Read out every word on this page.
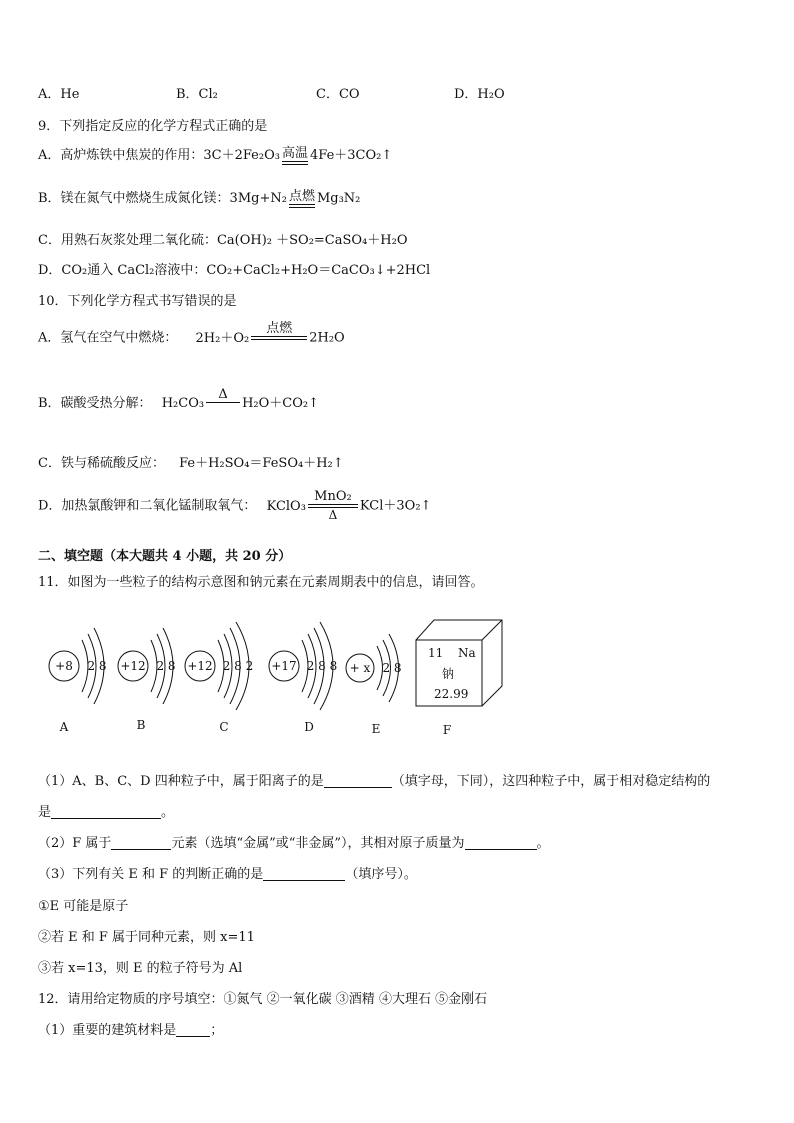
A．He	B．Cl₂	C．CO	D．H₂O
9．下列指定反应的化学方程式正确的是
A．高炉炼铁中焦炭的作用：3C＋2Fe₂O₃ 高温 4Fe＋3CO₂↑
B．镁在氮气中燃烧生成氮化镁：3Mg+N₂ 点燃 Mg₃N₂
C．用熟石灰浆处理二氧化硫：Ca(OH)₂ ＋SO₂=CaSO₄＋H₂O
D．CO₂通入 CaCl₂溶液中：CO₂+CaCl₂+H₂O＝CaCO₃↓+2HCl
10．下列化学方程式书写错误的是
A．氢气在空气中燃烧： 2H₂＋O₂
点燃

2H₂O
B．碳酸受热分解： H₂CO₃
Δ

H₂O＋CO₂↑
C．铁与稀硫酸反应： Fe＋H₂SO₄＝FeSO₄＋H₂↑
D．加热氯酸钾和二氧化锰制取氧气： KClO₃
MnO₂
Δ
KCl＋3O₂↑
二、填空题（本大题共 4 小题，共 20 分）
11．如图为一些粒子的结构示意图和钠元素在元素周期表中的信息，请回答。
+8 2 8 +12 2 8 +12 2 8 2 +17 2 8 8 + x 2 8
11 Na
钠
22.99
A	B	C	D	E	F
（1）A、B、C、D 四种粒子中，属于阳离子的是	（填字母，下同），这四种粒子中，属于相对稳定结构的
是	。
（2）F 属于	元素（选填“金属”或“非金属”），其相对原子质量为	。
（3）下列有关 E 和 F 的判断正确的是	（填序号）。
①E 可能是原子
②若 E 和 F 属于同种元素，则 x=11
③若 x=13，则 E 的粒子符号为 Al
12．请用给定物质的序号填空：①氮气 ②一氧化碳 ③酒精 ④大理石 ⑤金刚石
（1）重要的建筑材料是	；
